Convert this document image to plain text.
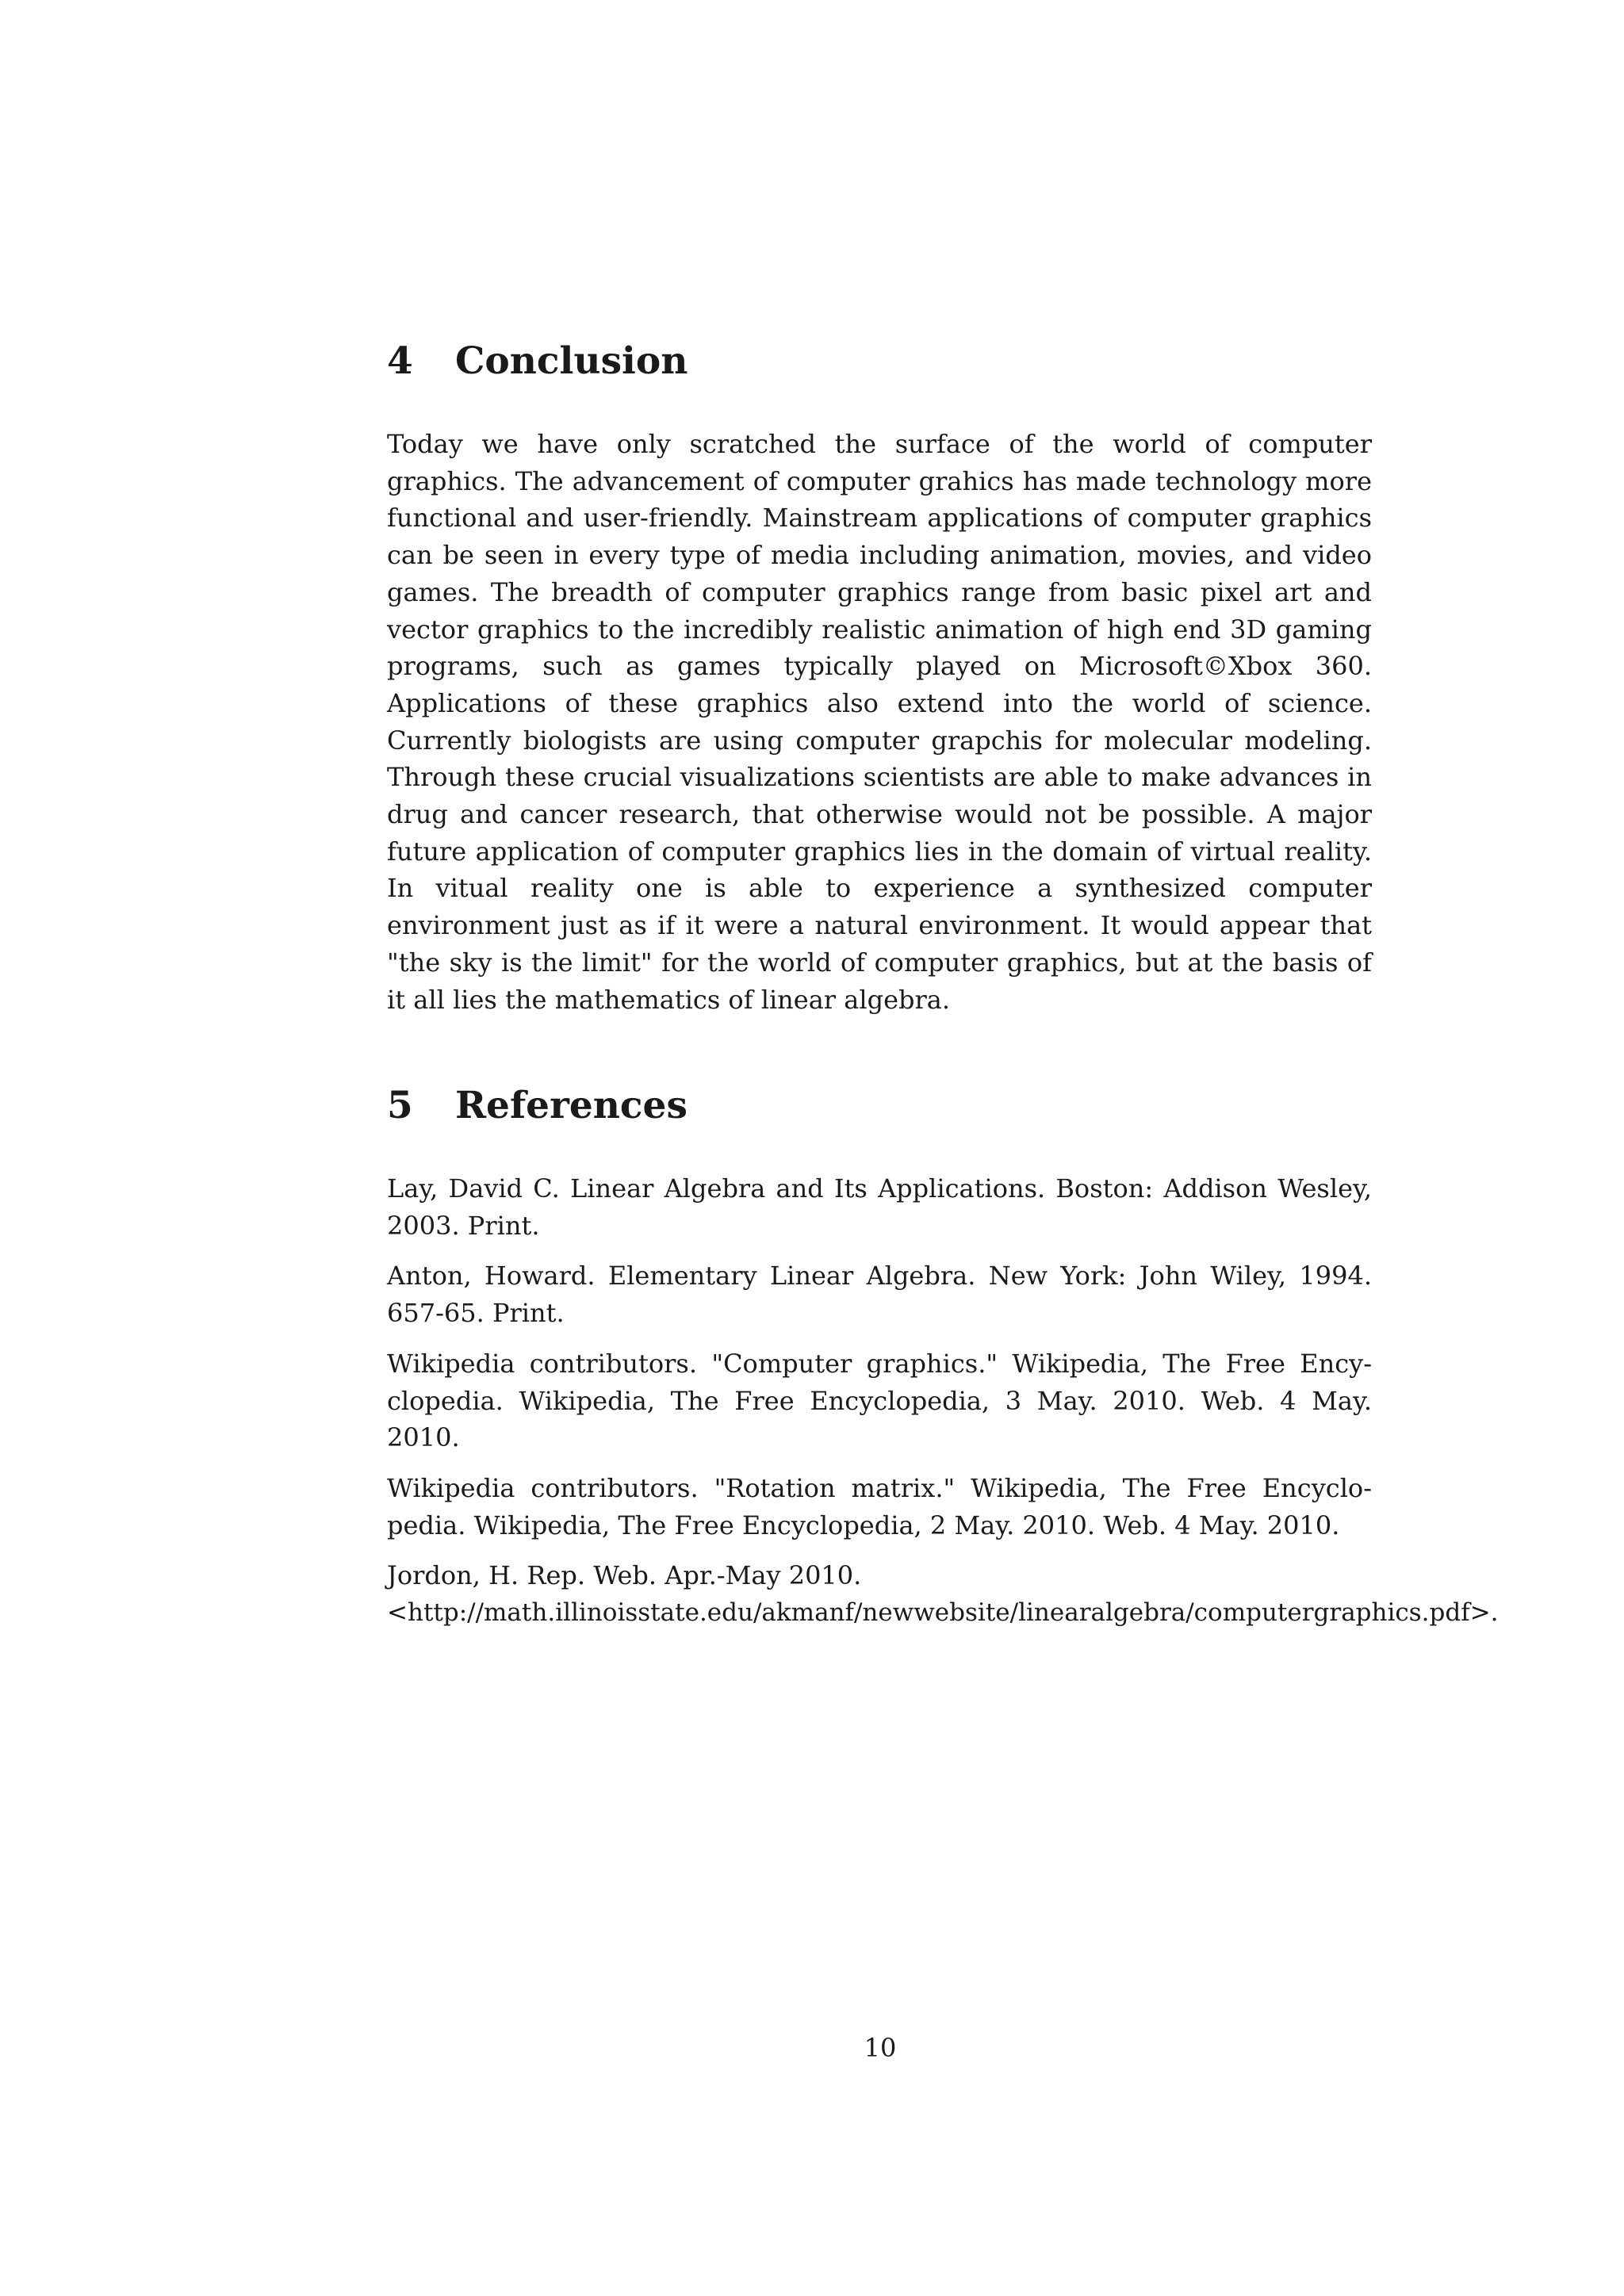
4 Conclusion

Today we have only scratched the surface of the world of computer graphics. The advancement of computer grahics has made technology more functional and user-friendly. Mainstream applications of computer graphics can be seen in every type of media including animation, movies, and video games. The breadth of computer graphics range from basic pixel art and vector graphics to the incredibly realistic animation of high end 3D gaming programs, such as games typically played on Microsoft©Xbox 360. Applications of these graphics also extend into the world of science. Currently biologists are using computer grapchis for molecular modeling. Through these crucial visualizations scientists are able to make advances in drug and cancer research, that otherwise would not be possible. A major future application of computer graphics lies in the domain of virtual reality. In vitual reality one is able to experience a synthesized computer environment just as if it were a natural environment. It would appear that "the sky is the limit" for the world of computer graphics, but at the basis of it all lies the mathematics of linear algebra.

5 References
Lay, David C. Linear Algebra and Its Applications. Boston: Addison Wesley, 2003. Print.
Anton, Howard. Elementary Linear Algebra. New York: John Wiley, 1994. 657-65. Print.
Wikipedia contributors. "Computer graphics." Wikipedia, The Free Encyclopedia. Wikipedia, The Free Encyclopedia, 3 May. 2010. Web. 4 May. 2010.
Wikipedia contributors. "Rotation matrix." Wikipedia, The Free Encyclopedia. Wikipedia, The Free Encyclopedia, 2 May. 2010. Web. 4 May. 2010.
Jordon, H. Rep. Web. Apr.-May 2010.
<http://math.illinoisstate.edu/akmanf/newwebsite/linearalgebra/computergraphics.pdf>.
10
